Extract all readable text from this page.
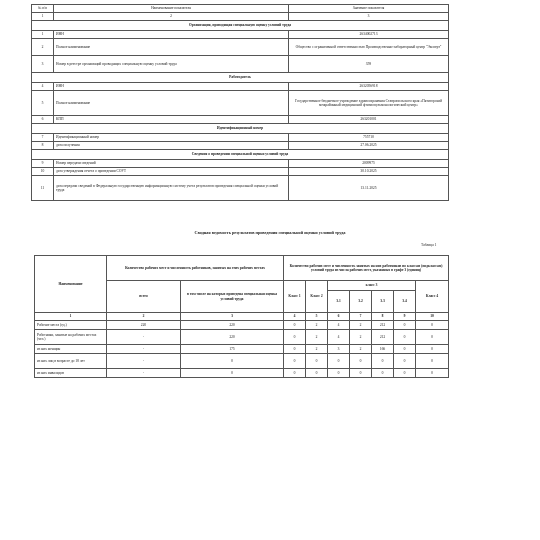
№ п/п	Наименование показателя	Значение показателя
1	2	3
Организация, проводящая специальную оценку условий труда		
1	ИНН	2634002713
2	Полное наименование	Общество с ограниченной ответственностью Производственно-лабораторный центр "Эксперт"
3	Номер в реестре организаций проводящих специальную оценку условий труда	359
Работодатель		
4	ИНН	2632056918
5	Полное наименование	Государственное бюджетное учреждение здравоохранения Ставропольского края «Пятигорский межрайонный медицинский фтизиопульмонологический центр»
6	КПП	263201001
Идентификационный номер		
7	Идентификационный номер	755710
8	дата получения	27.06.2025
Сведения о проведении специальной оценки условий труда		
9	Номер передачи сведений	2009975
10	дата утверждения отчета о проведении СОУТ	30.10.2025
11	дата передачи сведений в Федеральную государственную информационную систему учета результатов проведения специальной оценки условий труда	13.11.2025
Сводная ведомость результатов проведения специальной оценки условий труда
Таблица 1
Наименование	Количество рабочих мест и численность работников, занятых на этих рабочих местах		Количество рабочих мест и численность занятых на них работников по классам (подклассам) условий труда из числа рабочих мест, указанных в графе 3 (единиц)						
	всего	в том числе на которых проведена специальная оценка условий труда	Класс 1	Класс 2	класс 3				Класс 4
					3.1	3.2	3.3	3.4	
1	2	3	4	5	6	7	8	9	10
Рабочие места (ед.)	220	220	0	2	4	2	212	0	0
Работники, занятые на рабочих местах (чел.)	-	220	0	2	4	2	212	0	0
из них женщин	-	175	0	2	3	2	166	0	0
из них лиц в возрасте до 18 лет	-	0	0	0	0	0	0	0	0
из них инвалидов	-	0	0	0	0	0	0	0	0
